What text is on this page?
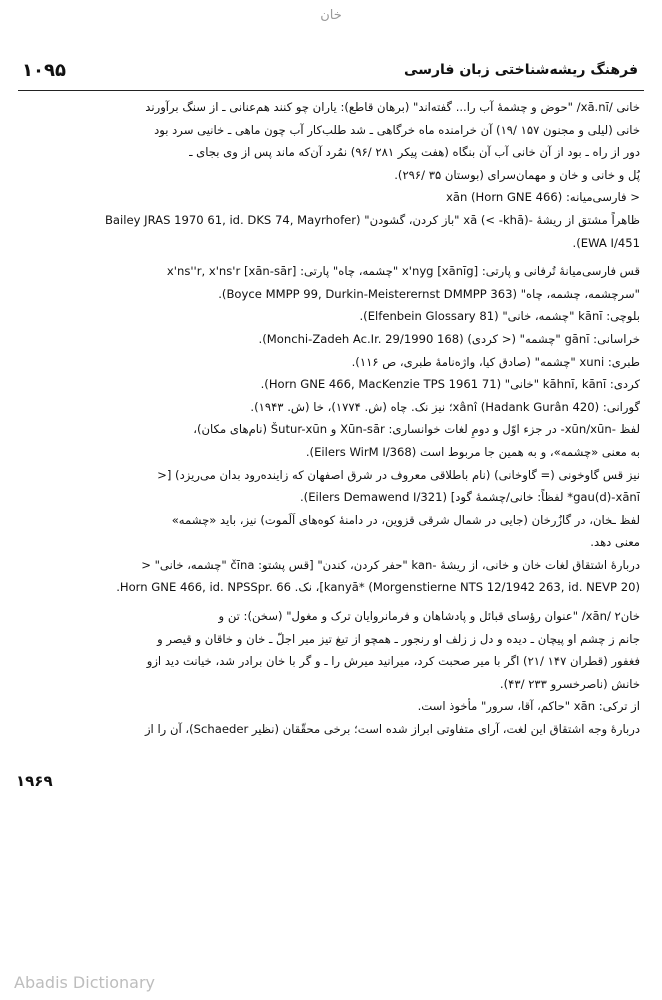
خان
۱۰۹۵	فرهنگ ریشه‌شناختی زبان فارسی
خانی /xā.nī/ "حوض و چشمهٔ آب را... گفته‌اند" (برهان قاطع): یاران چو کنند هم‌عنانی ـ از سنگ برآورند
خانی (لیلی و مجنون ۱۵۷ /۱۹) آن خرامنده ماه خرگاهی ـ شد طلب‌کار آب چون ماهی ـ خانیی سرد بود
دور از راه ـ بود از آن خانی آب آن بنگاه (هفت پیکر ۲۸۱ /۹۶) نمُرد آن‌که ماند پس از وی بجای ـ
پُل و خانی و خان و مهمان‌سرای (بوستان ۳۵ /۲۹۶).
< فارسی‌میانه: xān (Horn GNE 466)
ظاهراً مشتق از ریشهٔ -xā (< -khā) "باز کردن، گشودن" (Bailey JRAS 1970 61, id. DKS 74, Mayrhofer
EWA I/451).
قس فارسی‌میانهٔ تُرفانی و پارتی: x'nyg [xānīg] "چشمه، چاه" پارتی: x'ns''r, x'ns'r [xān-sār]
"سرچشمه، چشمه، چاه" (Boyce MMPP 99, Durkin-Meisterernst DMMPP 363).
بلوچی: kānī "چشمه، خانی" (Elfenbein Glossary 81).
خراسانی: gānī "چشمه" (< کردی) (Monchi-Zadeh Ac.Ir. 29/1990 168).
طبری: xuni "چشمه" (صادق کیا، واژه‌نامهٔ طبری، ص ۱۱۶).
کردی: kāhnī, kānī "خانی" (Horn GNE 466, MacKenzie TPS 1961 71).
گورانی: xânî (Hadank Gurân 420)؛ نیز نک. چاه (ش. ۱۷۷۴)، خا (ش. ۱۹۴۳).
لفظ -xūn/xūn- در جزء اوّل و دومِ لغات خوانساری: Xūn-sār و Šutur-xūn (نام‌های مکان)،
به معنی «چشمه»، و به همین جا مربوط است (Eilers WirM I/368).
نیز قس گاوخونی (= گاوخانی) (نام باطلاقی معروف در شرق اصفهان که زاینده‌رود بدان می‌ریزد) [<
gau(d)-xānī* لفظاً: خانی/چشمهٔ گود] (Eilers Demawend I/321).
لفظ ـخان، در گازُرخان (جایی در شمال شرقی قزوین، در دامنهٔ کوه‌های اَلَموت) نیز، باید «چشمه»
معنی دهد.
دربارهٔ اشتقاق لغات خان و خانی، از ریشهٔ -kan "حفر کردن، کندن" [قس پشتو: čīna "چشمه، خانی" <
kanyā* (Morgenstierne NTS 12/1942 263, id. NEVP 20)]، نک. Horn GNE 466, id. NPSSpr. 66.
خان۲ /xān/ "عنوان رؤسای قبائل و پادشاهان و فرمانروایان ترک و مغول" (سخن): تن و
جانم ز چشم او پیچان ـ دیده و دل ز زلف او رنجور ـ همچو از تیغ تیز میر اجلّ ـ خان و خاقان و قیصر و
فغفور (قطران ۱۴۷ /۲۱) اگر با میر صحبت کرد، میرانید میرش را ـ و گر با خان برادر شد، خیانت دید ازو
خانش (ناصرخسرو ۲۳۳ /۴۳).
از ترکی: xān "حاکم، آقا، سرور" مأخوذ است.
دربارهٔ وجه اشتقاق این لغت، آرای متفاوتی ابراز شده است؛ برخی محقّقان (نظیر Schaeder)، آن را از
۱۹۶۹
Abadis Dictionary
